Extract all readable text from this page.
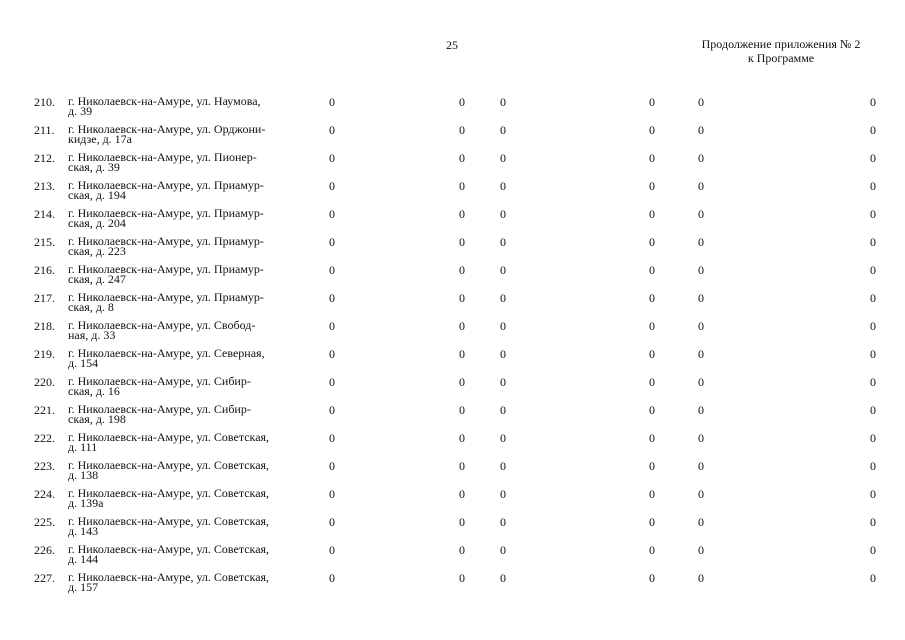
25	Продолжение приложения № 2
к Программе
210.	г. Николаевск-на-Амуре, ул. Наумова,
д. 39
0	0	0	0	0	0
211.	г. Николаевск-на-Амуре, ул. Орджони-
кидзе, д. 17а
0	0	0	0	0	0
212.	г. Николаевск-на-Амуре, ул. Пионер-
ская, д. 39
0	0	0	0	0	0
213.	г. Николаевск-на-Амуре, ул. Приамур-
ская, д. 194
0	0	0	0	0	0
214.	г. Николаевск-на-Амуре, ул. Приамур-
ская, д. 204
0	0	0	0	0	0
215.	г. Николаевск-на-Амуре, ул. Приамур-
ская, д. 223
0	0	0	0	0	0
216.	г. Николаевск-на-Амуре, ул. Приамур-
ская, д. 247
0	0	0	0	0	0
217.	г. Николаевск-на-Амуре, ул. Приамур-
ская, д. 8
0	0	0	0	0	0
218.	г. Николаевск-на-Амуре, ул. Свобод-
ная, д. 33
0	0	0	0	0	0
219.	г. Николаевск-на-Амуре, ул. Северная,
д. 154
0	0	0	0	0	0
220.	г. Николаевск-на-Амуре, ул. Сибир-
ская, д. 16
0	0	0	0	0	0
221.	г. Николаевск-на-Амуре, ул. Сибир-
ская, д. 198
0	0	0	0	0	0
222.	г. Николаевск-на-Амуре, ул. Советская,
д. 111
0	0	0	0	0	0
223.	г. Николаевск-на-Амуре, ул. Советская,
д. 138
0	0	0	0	0	0
224.	г. Николаевск-на-Амуре, ул. Советская,
д. 139а
0	0	0	0	0	0
225.	г. Николаевск-на-Амуре, ул. Советская,
д. 143
0	0	0	0	0	0
226.	г. Николаевск-на-Амуре, ул. Советская,
д. 144
0	0	0	0	0	0
227.	г. Николаевск-на-Амуре, ул. Советская,
д. 157
0	0	0	0	0	0
